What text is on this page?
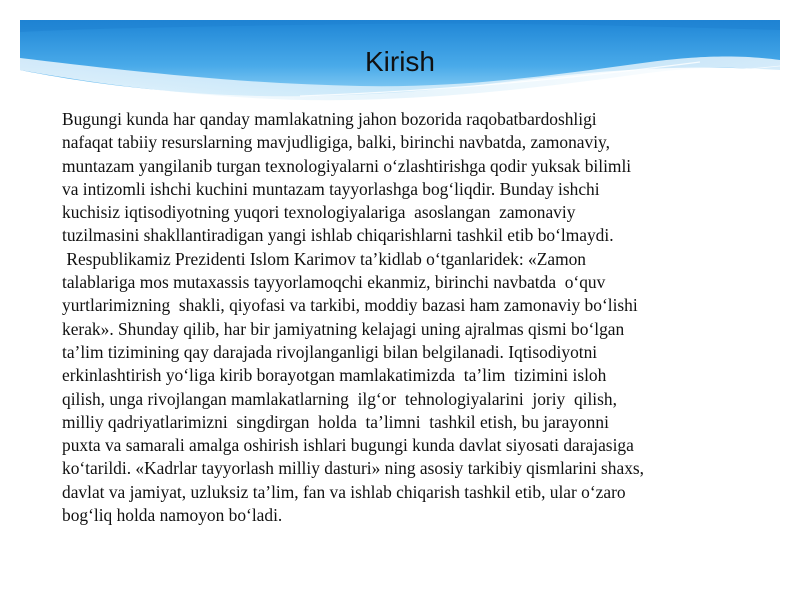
Kirish
Bugungi kunda har qanday mamlakatning jahon bozorida raqobatbardoshligi
nafaqat tabiiy resurslarning mavjudligiga, balki, birinchi navbatda, zamonaviy,
muntazam yangilanib turgan texnologiyalarni o‘zlashtirishga qodir yuksak bilimli
va intizomli ishchi kuchini muntazam tayyorlashga bog‘liqdir. Bunday ishchi
kuchisiz iqtisodiyotning yuqori texnologiyalariga  asoslangan  zamonaviy
tuzilmasini shakllantiradigan yangi ishlab chiqarishlarni tashkil etib bo‘lmaydi.
Respublikamiz Prezidenti Islom Karimov ta’kidlab o‘tganlaridek: «Zamon
talablariga mos mutaxassis tayyorlamoqchi ekanmiz, birinchi navbatda  o‘quv
yurtlarimizning  shakli, qiyofasi va tarkibi, moddiy bazasi ham zamonaviy bo‘lishi
kerak». Shunday qilib, har bir jamiyatning kelajagi uning ajralmas qismi bo‘lgan
ta’lim tizimining qay darajada rivojlanganligi bilan belgilanadi. Iqtisodiyotni
erkinlashtirish yo‘liga kirib borayotgan mamlakatimizda  ta’lim  tizimini isloh
qilish, unga rivojlangan mamlakatlarning  ilg‘or  tehnologiyalarini  joriy  qilish,
milliy qadriyatlarimizni  singdirgan  holda  ta’limni  tashkil etish, bu jarayonni
puxta va samarali amalga oshirish ishlari bugungi kunda davlat siyosati darajasiga
ko‘tarildi. «Kadrlar tayyorlash milliy dasturi» ning asosiy tarkibiy qismlarini shaxs,
davlat va jamiyat, uzluksiz ta’lim, fan va ishlab chiqarish tashkil etib, ular o‘zaro
bog‘liq holda namoyon bo‘ladi.
